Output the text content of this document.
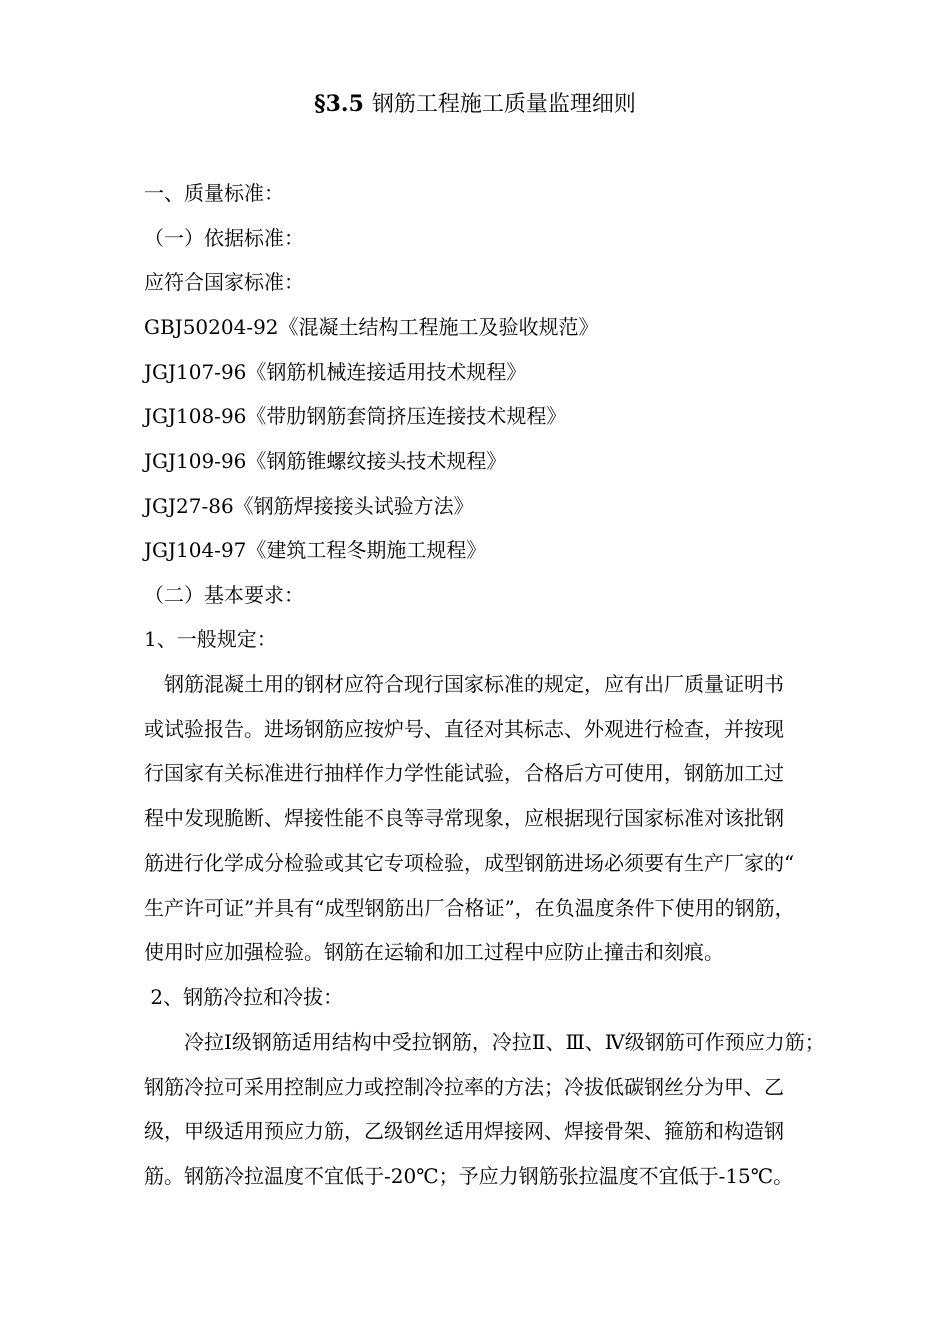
§3.5 钢筋工程施工质量监理细则
一、质量标准：
（一）依据标准：
应符合国家标准：
GBJ50204-92《混凝土结构工程施工及验收规范》
JGJ107-96《钢筋机械连接适用技术规程》
JGJ108-96《带肋钢筋套筒挤压连接技术规程》
JGJ109-96《钢筋锥螺纹接头技术规程》
JGJ27-86《钢筋焊接接头试验方法》
JGJ104-97《建筑工程冬期施工规程》
（二）基本要求：
1、一般规定：
　钢筋混凝土用的钢材应符合现行国家标准的规定，应有出厂质量证明书
或试验报告。进场钢筋应按炉号、直径对其标志、外观进行检查，并按现
行国家有关标准进行抽样作力学性能试验，合格后方可使用，钢筋加工过
程中发现脆断、焊接性能不良等寻常现象，应根据现行国家标准对该批钢
筋进行化学成分检验或其它专项检验，成型钢筋进场必须要有生产厂家的“
生产许可证”并具有“成型钢筋出厂合格证”，在负温度条件下使用的钢筋，
使用时应加强检验。钢筋在运输和加工过程中应防止撞击和刻痕。
2、钢筋冷拉和冷拔：
　　冷拉Ⅰ级钢筋适用结构中受拉钢筋，冷拉Ⅱ、Ⅲ、Ⅳ级钢筋可作预应力筋；
钢筋冷拉可采用控制应力或控制冷拉率的方法；冷拔低碳钢丝分为甲、乙
级，甲级适用预应力筋，乙级钢丝适用焊接网、焊接骨架、箍筋和构造钢
筋。钢筋冷拉温度不宜低于-20℃；予应力钢筋张拉温度不宜低于-15℃。
